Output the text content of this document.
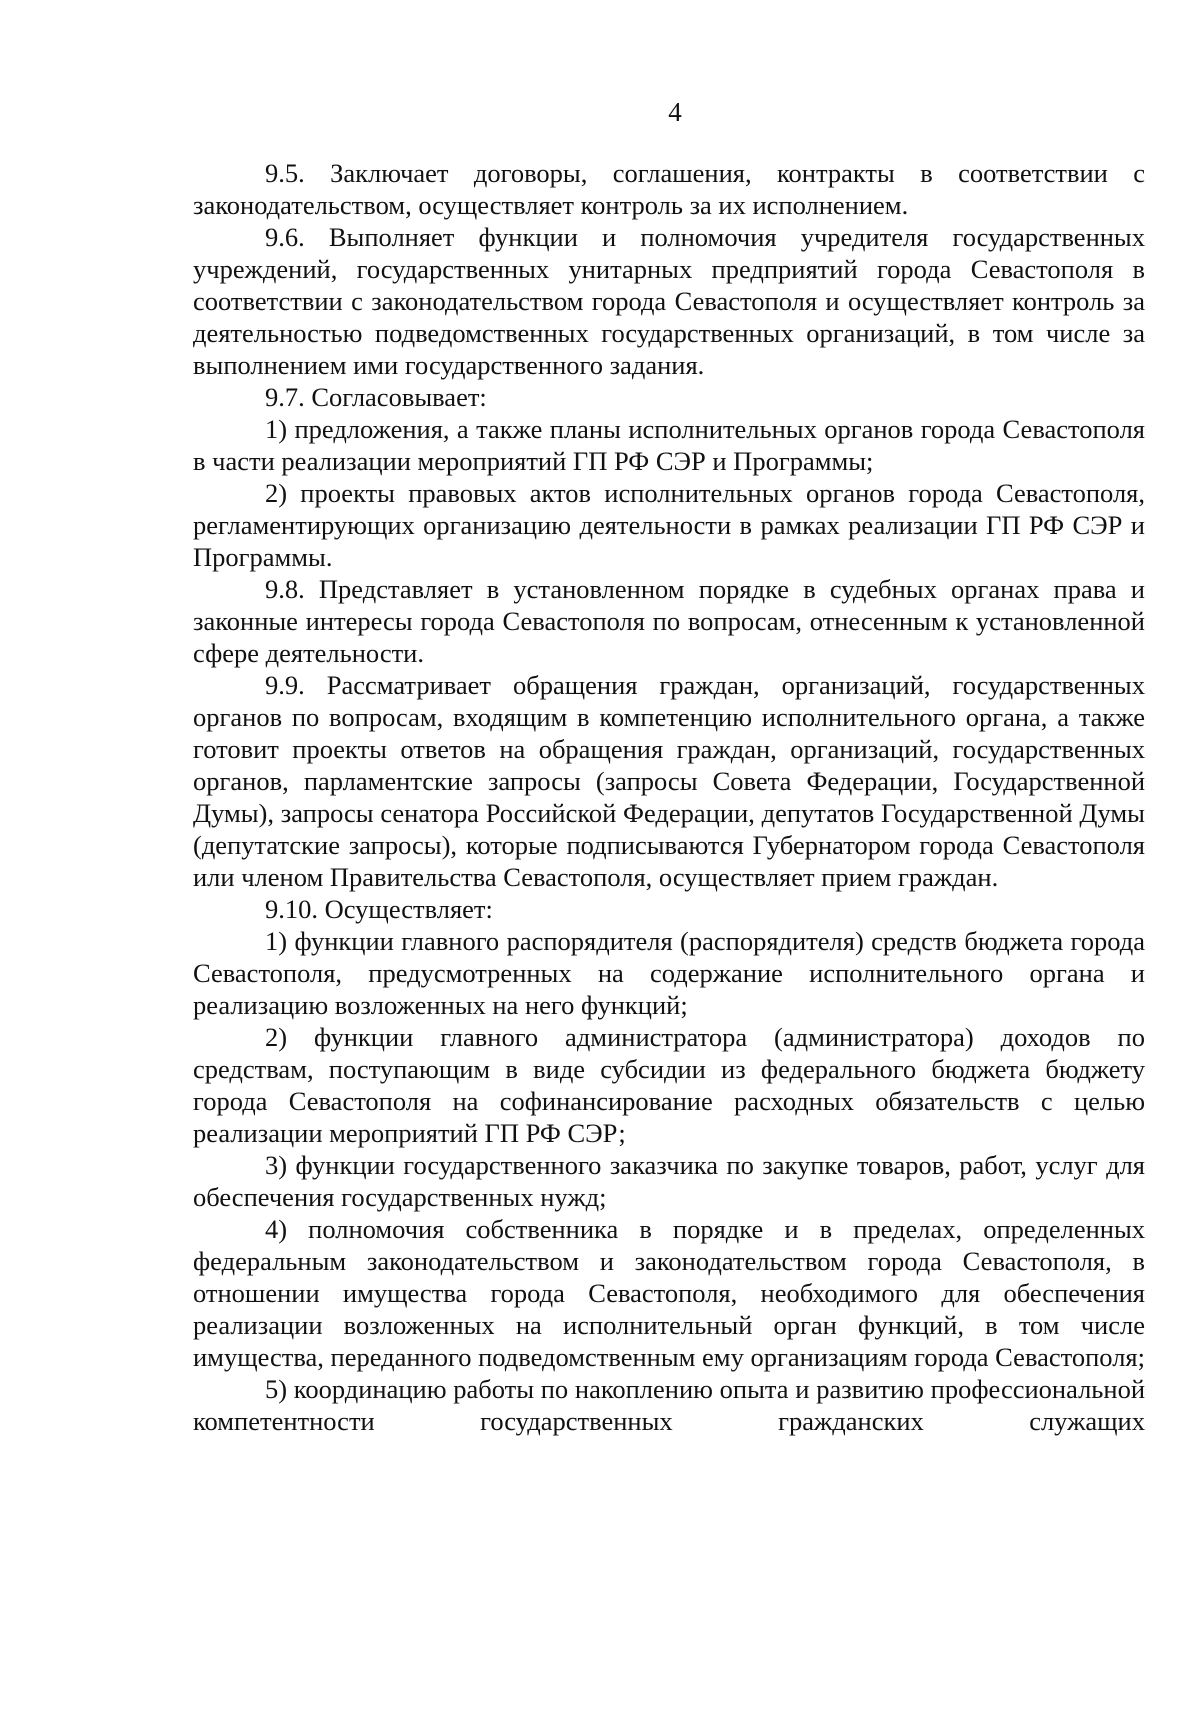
4

9.5. Заключает договоры, соглашения, контракты в соответствии с законодательством, осуществляет контроль за их исполнением.

9.6. Выполняет функции и полномочия учредителя государственных учреждений, государственных унитарных предприятий города Севастополя в соответствии с законодательством города Севастополя и осуществляет контроль за деятельностью подведомственных государственных организаций, в том числе за выполнением ими государственного задания.

9.7. Согласовывает:

1) предложения, а также планы исполнительных органов города Севастополя в части реализации мероприятий ГП РФ СЭР и Программы;

2) проекты правовых актов исполнительных органов города Севастополя, регламентирующих организацию деятельности в рамках реализации ГП РФ СЭР и Программы.

9.8. Представляет в установленном порядке в судебных органах права и законные интересы города Севастополя по вопросам, отнесенным к установленной сфере деятельности.

9.9. Рассматривает обращения граждан, организаций, государственных органов по вопросам, входящим в компетенцию исполнительного органа, а также готовит проекты ответов на обращения граждан, организаций, государственных органов, парламентские запросы (запросы Совета Федерации, Государственной Думы), запросы сенатора Российской Федерации, депутатов Государственной Думы (депутатские запросы), которые подписываются Губернатором города Севастополя или членом Правительства Севастополя, осуществляет прием граждан.

9.10. Осуществляет:

1) функции главного распорядителя (распорядителя) средств бюджета города Севастополя, предусмотренных на содержание исполнительного органа и реализацию возложенных на него функций;

2) функции главного администратора (администратора) доходов по средствам, поступающим в виде субсидии из федерального бюджета бюджету города Севастополя на софинансирование расходных обязательств с целью реализации мероприятий ГП РФ СЭР;

3) функции государственного заказчика по закупке товаров, работ, услуг для обеспечения государственных нужд;

4) полномочия собственника в порядке и в пределах, определенных федеральным законодательством и законодательством города Севастополя, в отношении имущества города Севастополя, необходимого для обеспечения реализации возложенных на исполнительный орган функций, в том числе имущества, переданного подведомственным ему организациям города Севастополя;

5) координацию работы по накоплению опыта и развитию профессиональной компетентности государственных гражданских служащих
